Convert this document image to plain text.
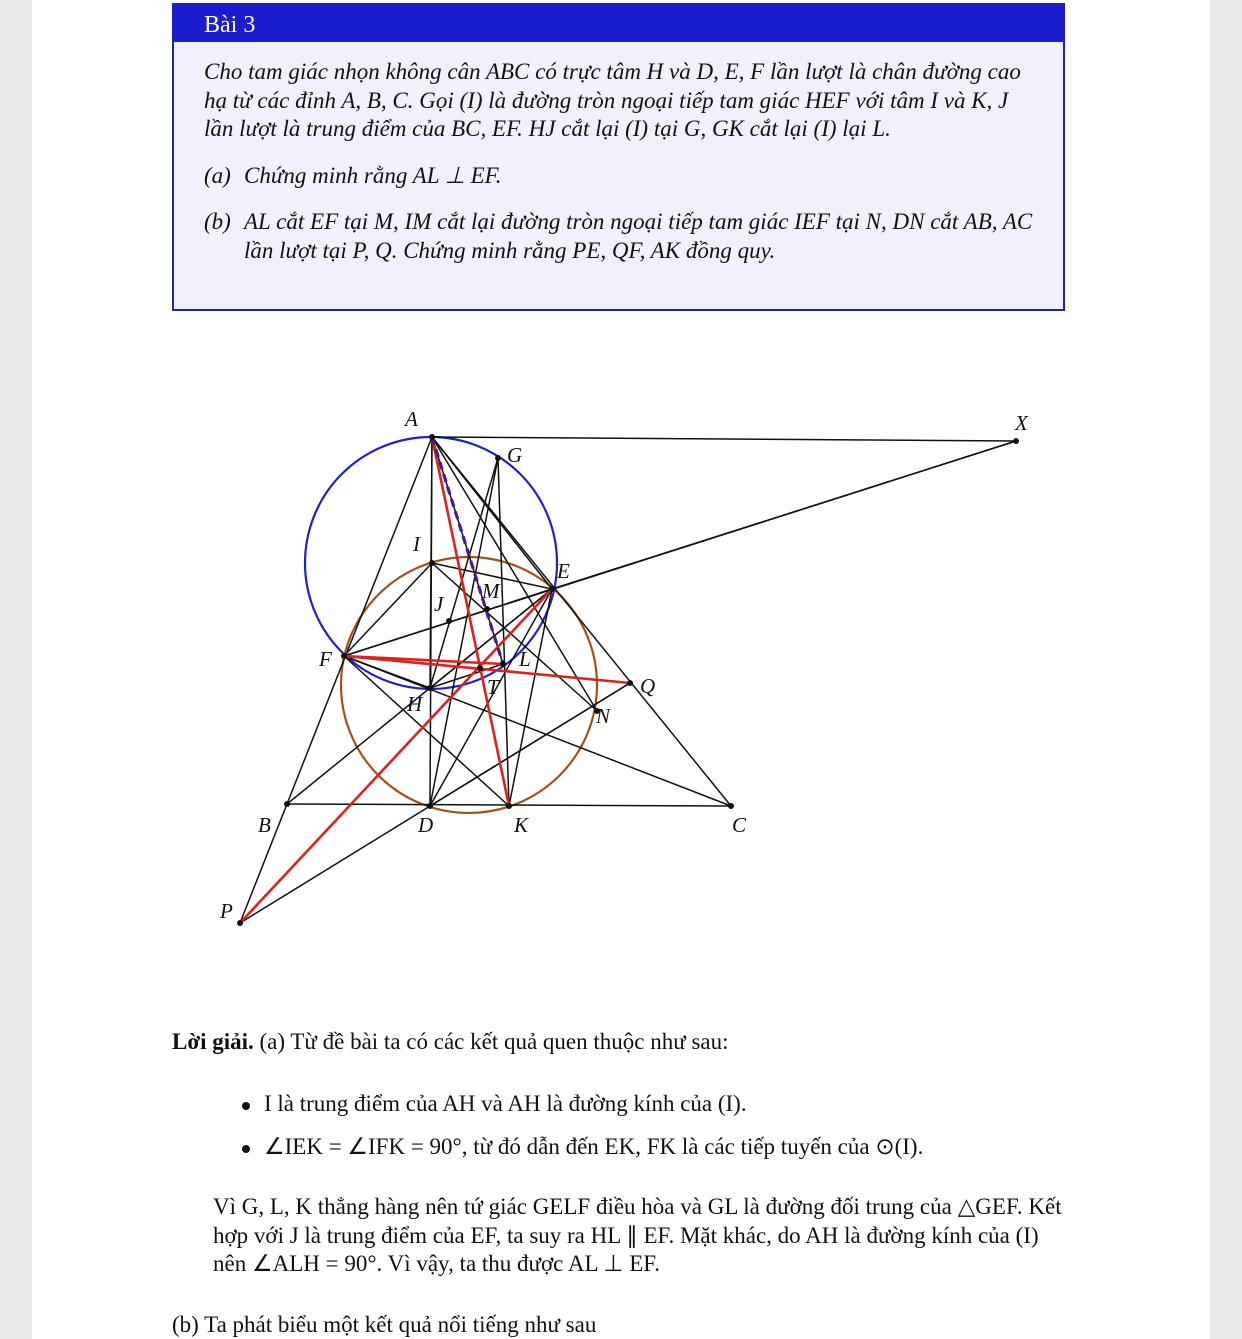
Bài 3

Cho tam giác nhọn không cân ABC có trực tâm H và D, E, F lần lượt là chân đường cao hạ từ các đỉnh A, B, C. Gọi (I) là đường tròn ngoại tiếp tam giác HEF với tâm I và K, J lần lượt là trung điểm của BC, EF. HJ cắt lại (I) tại G, GK cắt lại (I) lại L.

(a) Chứng minh rằng AL ⊥ EF.

(b) AL cắt EF tại M, IM cắt lại đường tròn ngoại tiếp tam giác IEF tại N, DN cắt AB, AC lần lượt tại P, Q. Chứng minh rằng PE, QF, AK đồng quy.

A	X
G
I
E
J
M
F	L
T	Q
H	N
B	D	K	C
P
Lời giải. (a) Từ đề bài ta có các kết quả quen thuộc như sau:
I là trung điểm của AH và AH là đường kính của (I).
∠IEK = ∠IFK = 90°, từ đó dẫn đến EK, FK là các tiếp tuyến của ⊙(I).
Vì G, L, K thẳng hàng nên tứ giác GELF điều hòa và GL là đường đối trung của △GEF. Kết hợp với J là trung điểm của EF, ta suy ra HL ∥ EF. Mặt khác, do AH là đường kính của (I) nên ∠ALH = 90°. Vì vậy, ta thu được AL ⊥ EF.
(b) Ta phát biểu một kết quả nổi tiếng như sau
